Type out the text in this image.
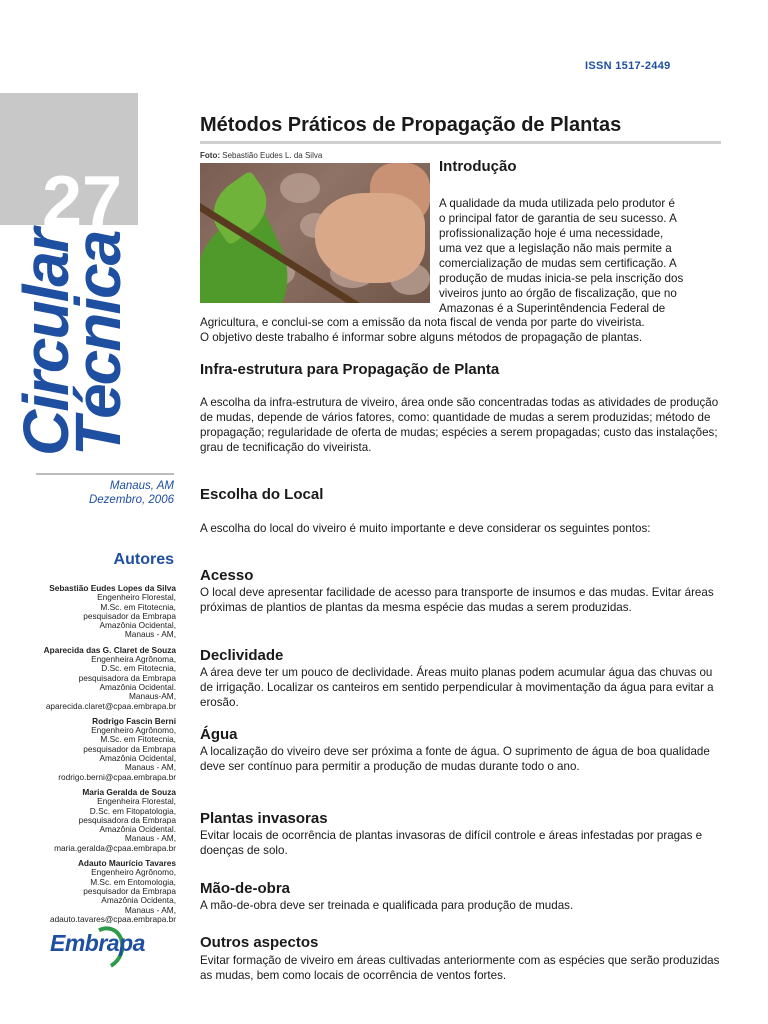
ISSN 1517-2449
27
Circular
Técnica
Manaus, AM
Dezembro, 2006
Autores
Sebastião Eudes Lopes da Silva
Engenheiro Florestal,
M.Sc. em Fitotecnia,
pesquisador da Embrapa
Amazônia Ocidental,
Manaus - AM,
Aparecida das G. Claret de Souza
Engenheira Agrônoma,
D.Sc. em Fitotecnia,
pesquisadora da Embrapa
Amazônia Ocidental.
Manaus-AM,
aparecida.claret@cpaa.embrapa.br
Rodrigo Fascin Berni
Engenheiro Agrônomo,
M.Sc. em Fitotecnia,
pesquisador da Embrapa
Amazônia Ocidental,
Manaus - AM,
rodrigo.berni@cpaa.embrapa.br
Maria Geralda de Souza
Engenheira Florestal,
D.Sc. em Fitopatologia,
pesquisadora da Embrapa
Amazônia Ocidental.
Manaus - AM,
maria.geralda@cpaa.embrapa.br
Adauto Maurício Tavares
Engenheiro Agrônomo,
M.Sc. em Entomologia,
pesquisador da Embrapa
Amazônia Ocidenta,
Manaus - AM,
adauto.tavares@cpaa.embrapa.br
Embrapa
Métodos Práticos de Propagação de Plantas
Foto: Sebastião Eudes L. da Silva
Introdução
A qualidade da muda utilizada pelo produtor é
o principal fator de garantia de seu sucesso. A
profissionalização hoje é uma necessidade,
uma vez que a legislação não mais permite a
comercialização de mudas sem certificação. A
produção de mudas inicia-se pela inscrição dos
viveiros junto ao órgão de fiscalização, que no
Amazonas é a Superintêndencia Federal de
Agricultura, e conclui-se com a emissão da nota fiscal de venda por parte do viveirista.
O objetivo deste trabalho é informar sobre alguns métodos de propagação de plantas.
Infra-estrutura para Propagação de Planta
A escolha da infra-estrutura de viveiro, área onde são concentradas todas as atividades de produção de mudas, depende de vários fatores, como: quantidade de mudas a serem produzidas; método de propagação; regularidade de oferta de mudas; espécies a serem propagadas; custo das instalações; grau de tecnificação do viveirista.
Escolha do Local
A escolha do local do viveiro é muito importante e deve considerar os seguintes pontos:
Acesso
O local deve apresentar facilidade de acesso para transporte de insumos e das mudas. Evitar áreas próximas de plantios de plantas da mesma espécie das mudas a serem produzidas.
Declividade
A área deve ter um pouco de declividade. Áreas muito planas podem acumular água das chuvas ou de irrigação. Localizar os canteiros em sentido perpendicular à movimentação da água para evitar a erosão.
Água
A localização do viveiro deve ser próxima a fonte de água. O suprimento de água de boa qualidade deve ser contínuo para permitir a produção de mudas durante todo o ano.
Plantas invasoras
Evitar locais de ocorrência de plantas invasoras de difícil controle e áreas infestadas por pragas e doenças de solo.
Mão-de-obra
A mão-de-obra deve ser treinada e qualificada para produção de mudas.
Outros aspectos
Evitar formação de viveiro em áreas cultivadas anteriormente com as espécies que serão produzidas as mudas, bem como locais de ocorrência de ventos fortes.
